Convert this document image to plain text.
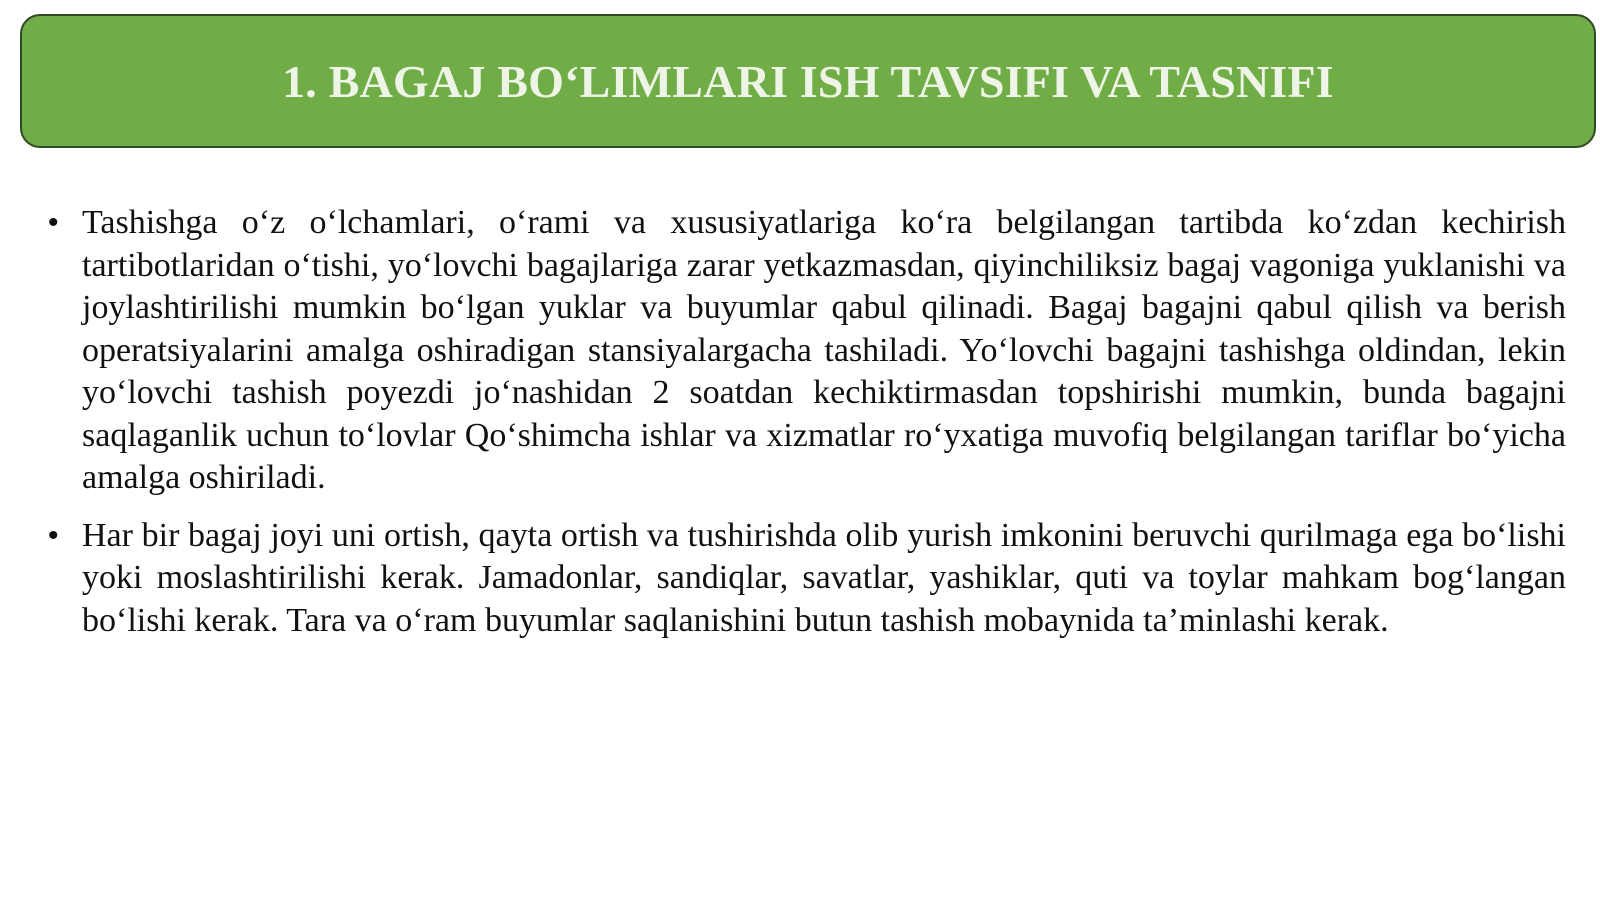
1. BAGAJ BO‘LIMLARI ISH TAVSIFI VA TASNIFI
• Tashishga o‘z o‘lchamlari, o‘rami va xususiyatlariga ko‘ra belgilangan tartibda ko‘zdan kechirish tartibotlaridan o‘tishi, yo‘lovchi bagajlariga zarar yetkazmasdan, qiyinchiliksiz bagaj vagoniga yuklanishi va joylashtirilishi mumkin bo‘lgan yuklar va buyumlar qabul qilinadi. Bagaj bagajni qabul qilish va berish operatsiyalarini amalga oshiradigan stansiyalargacha tashiladi. Yo‘lovchi bagajni tashishga oldindan, lekin yo‘lovchi tashish poyezdi jo‘nashidan 2 soatdan kechiktirmasdan topshirishi mumkin, bunda bagajni saqlaganlik uchun to‘lovlar Qo‘shimcha ishlar va xizmatlar ro‘yxatiga muvofiq belgilangan tariflar bo‘yicha amalga oshiriladi.
• Har bir bagaj joyi uni ortish, qayta ortish va tushirishda olib yurish imkonini beruvchi qurilmaga ega bo‘lishi yoki moslashtirilishi kerak. Jamadonlar, sandiqlar, savatlar, yashiklar, quti va toylar mahkam bog‘langan bo‘lishi kerak. Tara va o‘ram buyumlar saqlanishini butun tashish mobaynida ta’minlashi kerak.
